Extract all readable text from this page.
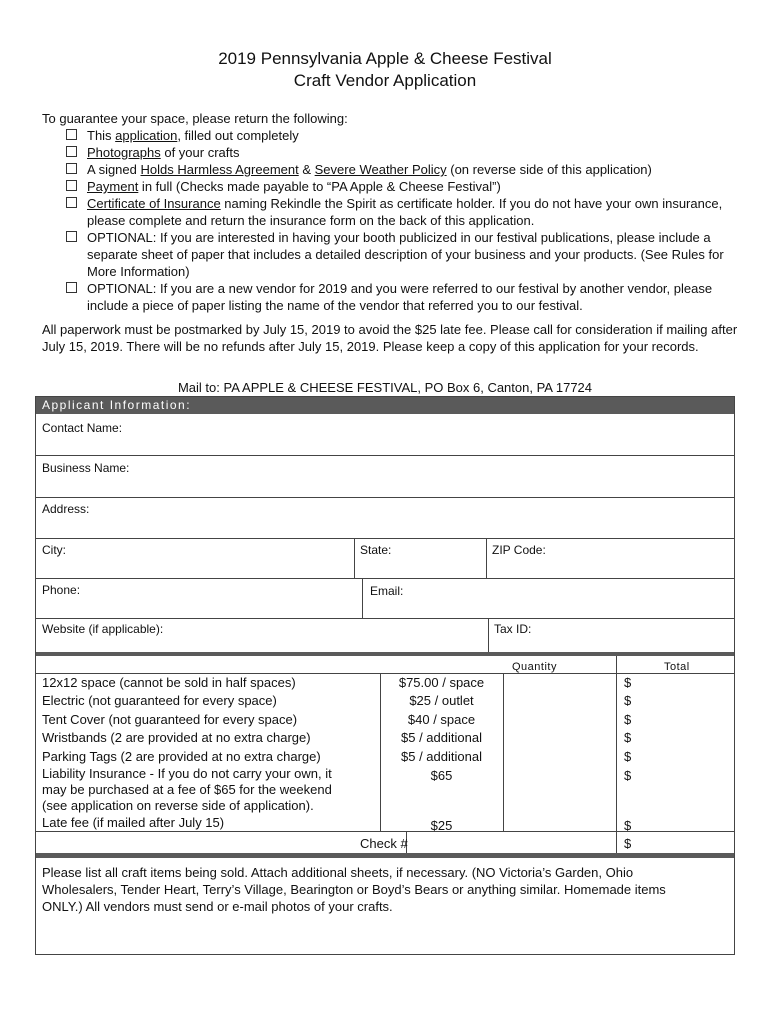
2019 Pennsylvania Apple & Cheese Festival
Craft Vendor Application
To guarantee your space, please return the following:
This application, filled out completely
Photographs of your crafts
A signed Holds Harmless Agreement & Severe Weather Policy (on reverse side of this application)
Payment in full (Checks made payable to “PA Apple & Cheese Festival”)
Certificate of Insurance naming Rekindle the Spirit as certificate holder. If you do not have your own insurance, please complete and return the insurance form on the back of this application.
OPTIONAL: If you are interested in having your booth publicized in our festival publications, please include a separate sheet of paper that includes a detailed description of your business and your products. (See Rules for More Information)
OPTIONAL: If you are a new vendor for 2019 and you were referred to our festival by another vendor, please include a piece of paper listing the name of the vendor that referred you to our festival.
All paperwork must be postmarked by July 15, 2019 to avoid the $25 late fee. Please call for consideration if mailing after July 15, 2019. There will be no refunds after July 15, 2019. Please keep a copy of this application for your records.
Mail to: PA APPLE & CHEESE FESTIVAL, PO Box 6, Canton, PA 17724
Applicant Information:
Contact Name:
Business Name:
Address:
City:	State:	ZIP Code:
Phone:	Email:
Website (if applicable):	Tax ID:
Quantity	Total
12x12 space (cannot be sold in half spaces)	$75.00 / space	$
Electric (not guaranteed for every space)	$25 / outlet	$
Tent Cover (not guaranteed for every space)	$40 / space	$
Wristbands (2 are provided at no extra charge)	$5 / additional	$
Parking Tags (2 are provided at no extra charge)	$5 / additional	$
Liability Insurance - If you do not carry your own, it
may be purchased at a fee of $65 for the weekend
(see application on reverse side of application).
$65	$
Late fee (if mailed after July 15)	$25	$
Check #	$
Please list all craft items being sold. Attach additional sheets, if necessary. (NO Victoria’s Garden, Ohio
Wholesalers, Tender Heart, Terry’s Village, Bearington or Boyd’s Bears or anything similar. Homemade items
ONLY.) All vendors must send or e-mail photos of your crafts.
